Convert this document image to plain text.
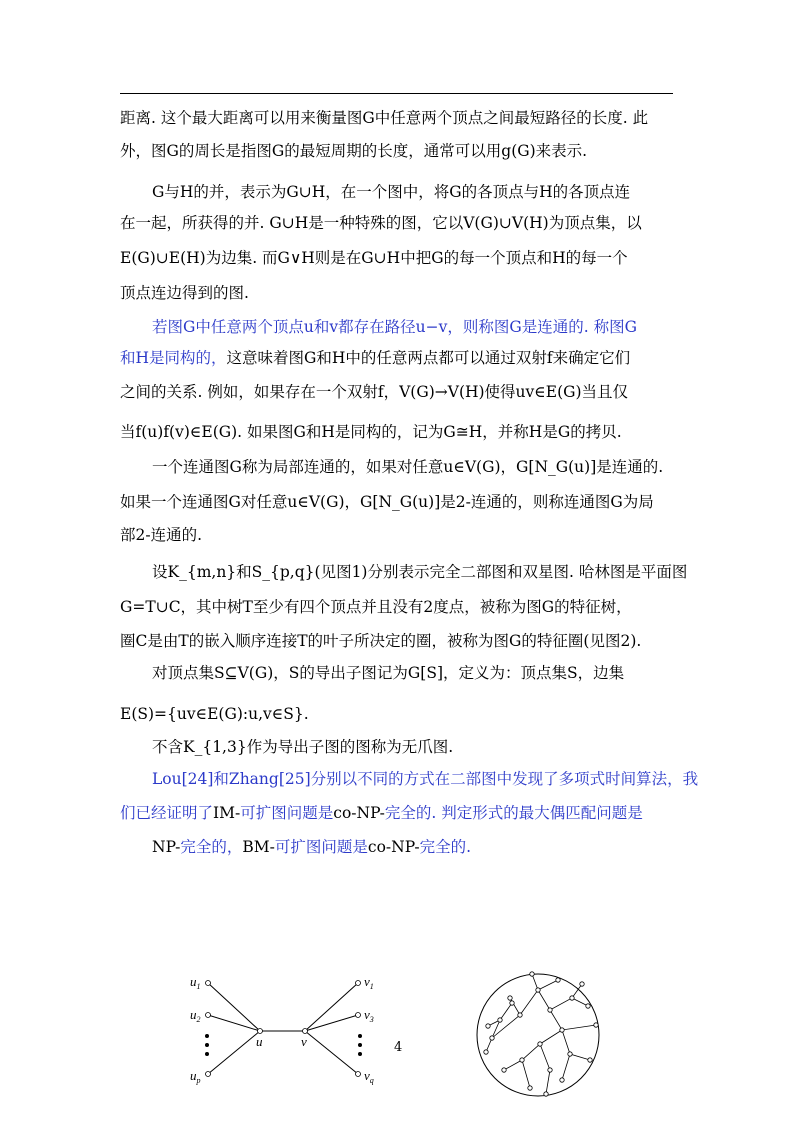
距离. 这个最大距离可以用来衡量图G中任意两个顶点之间最短路径的长度. 此
外，图G的周长是指图G的最短周期的长度，通常可以用g(G)来表示.
G与H的并，表示为G∪H，在一个图中，将G的各顶点与H的各顶点连
在一起，所获得的并. G∪H是一种特殊的图，它以V(G)∪V(H)为顶点集，以
E(G)∪E(H)为边集. 而G∨H则是在G∪H中把G的每一个顶点和H的每一个
顶点连边得到的图.
若图G中任意两个顶点u和v都存在路径u−v，则称图G是连通的. 称图G
和H是同构的，这意味着图G和H中的任意两点都可以通过双射f来确定它们
之间的关系. 例如，如果存在一个双射f，V(G)→V(H)使得uv∈E(G)当且仅
当f(u)f(v)∈E(G). 如果图G和H是同构的，记为G≅H，并称H是G的拷贝.
一个连通图G称为局部连通的，如果对任意u∈V(G)，G[N_G(u)]是连通的.
如果一个连通图G对任意u∈V(G)，G[N_G(u)]是2-连通的，则称连通图G为局
部2-连通的.
设K_{m,n}和S_{p,q}(见图1)分别表示完全二部图和双星图. 哈林图是平面图
G=T∪C，其中树T至少有四个顶点并且没有2度点，被称为图G的特征树，
圈C是由T的嵌入顺序连接T的叶子所决定的圈，被称为图G的特征圈(见图2).
对顶点集S⊆V(G)，S的导出子图记为G[S]，定义为：顶点集S，边集
E(S)={uv∈E(G):u,v∈S}.
不含K_{1,3}作为导出子图的图称为无爪图.
Lou[24]和Zhang[25]分别以不同的方式在二部图中发现了多项式时间算法，我
们已经证明了IM-可扩图问题是co-NP-完全的. 判定形式的最大偶匹配问题是
NP-完全的，BM-可扩图问题是co-NP-完全的.
$u_1$
$u_2$
$u_p$
u	v
$v_1$
$v_3$
$v_q$
4
